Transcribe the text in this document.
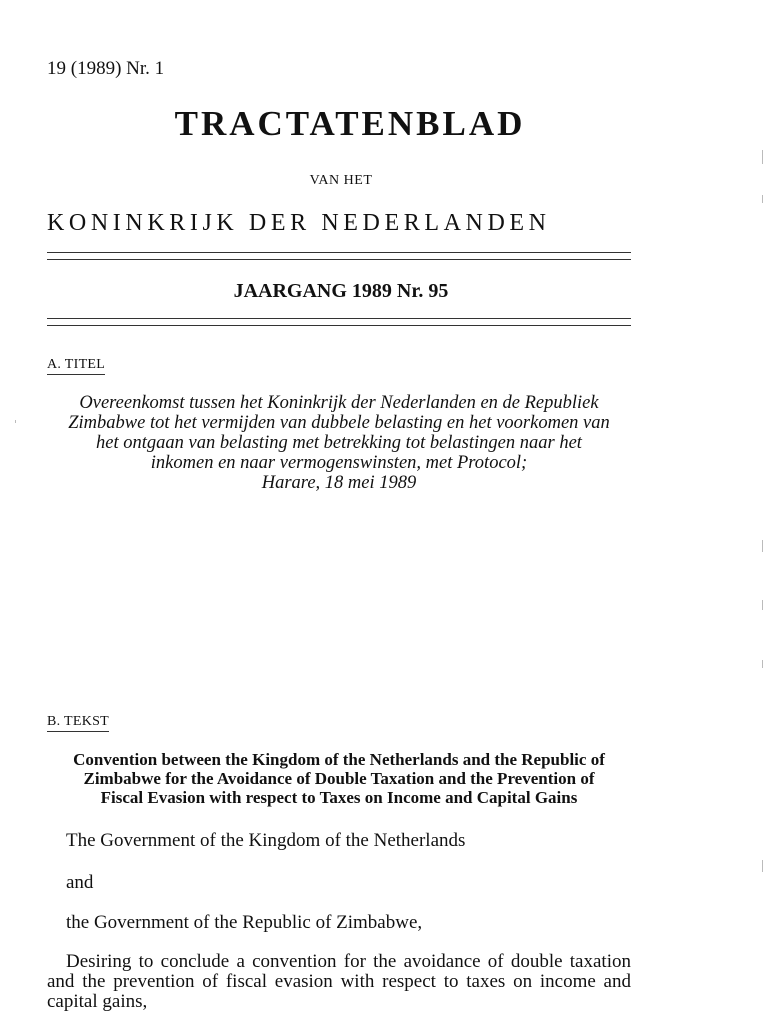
19 (1989) Nr. 1
TRACTATENBLAD
VAN HET
KONINKRIJK DER NEDERLANDEN
JAARGANG 1989 Nr. 95
A. TITEL
Overeenkomst tussen het Koninkrijk der Nederlanden en de Republiek
Zimbabwe tot het vermijden van dubbele belasting en het voorkomen van
het ontgaan van belasting met betrekking tot belastingen naar het
inkomen en naar vermogenswinsten, met Protocol;
Harare, 18 mei 1989
B. TEKST
Convention between the Kingdom of the Netherlands and the Republic of
Zimbabwe for the Avoidance of Double Taxation and the Prevention of
Fiscal Evasion with respect to Taxes on Income and Capital Gains
The Government of the Kingdom of the Netherlands
and
the Government of the Republic of Zimbabwe,
Desiring to conclude a convention for the avoidance of double taxation and the prevention of fiscal evasion with respect to taxes on income and capital gains,
